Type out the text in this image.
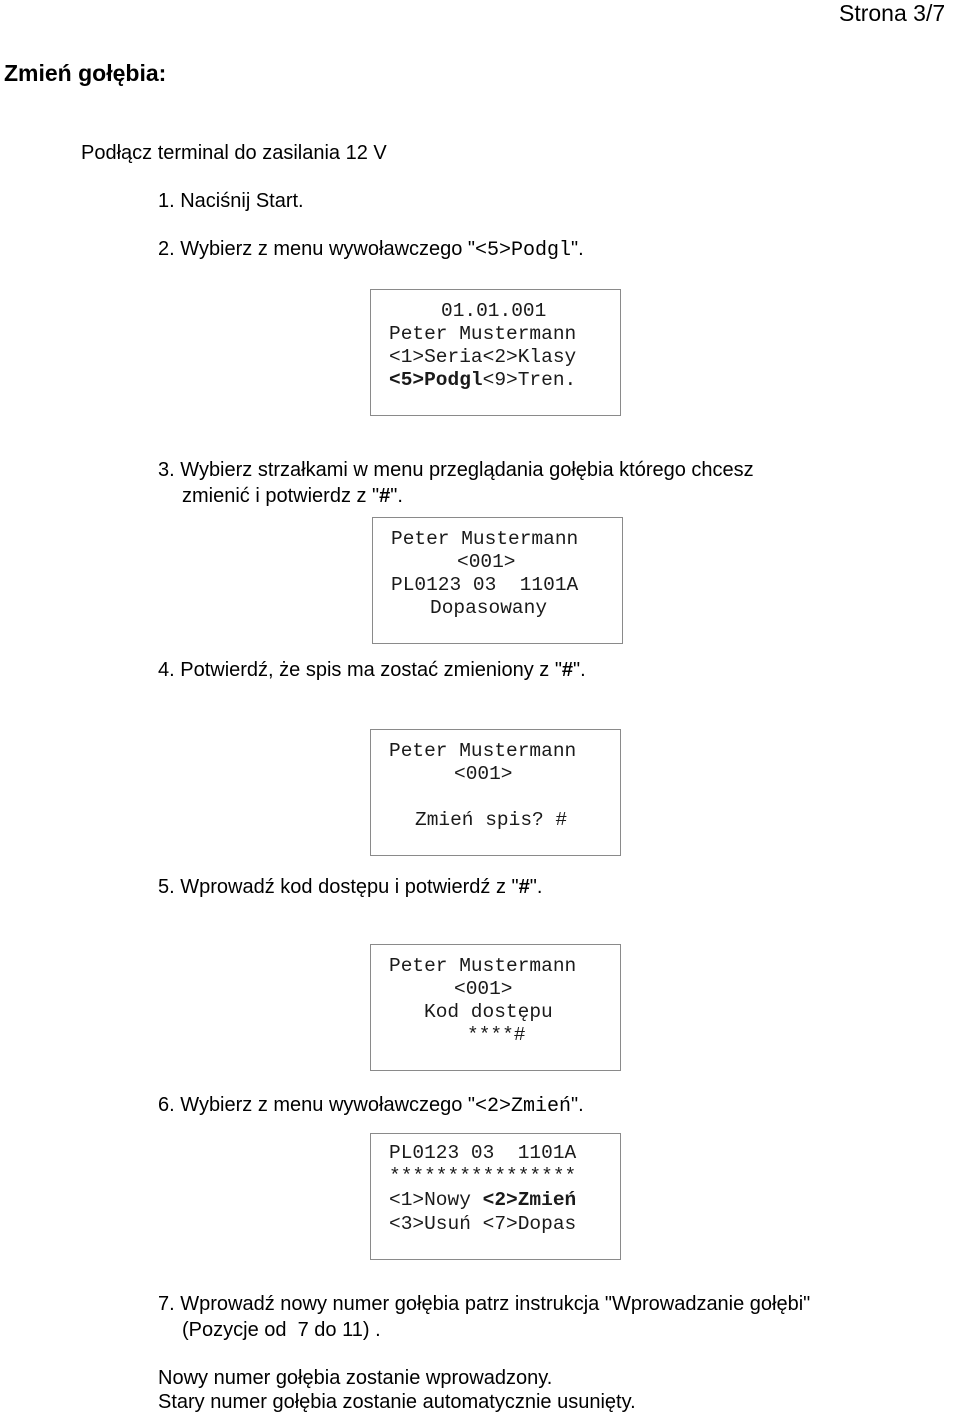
Strona 3/7
Zmień gołębia:
Podłącz terminal do zasilania 12 V
1. Naciśnij Start.
2. Wybierz z menu wywoławczego "<5>Podgl".
01.01.001
Peter Mustermann
<1>Seria<2>Klasy
<5>Podgl<9>Tren.
3. Wybierz strzałkami w menu przeglądania gołębia którego chcesz
zmienić i potwierdz z "#".
Peter Mustermann
<001>
PL0123 03  1101A
Dopasowany
4. Potwierdź, że spis ma zostać zmieniony z "#".
Peter Mustermann
<001>
Zmień spis? #
5. Wprowadź kod dostępu i potwierdź z "#".
Peter Mustermann
<001>
Kod dostępu
****#
6. Wybierz z menu wywoławczego "<2>Zmień".
PL0123 03  1101A
****************
<1>Nowy <2>Zmień
<3>Usuń <7>Dopas
7. Wprowadź nowy numer gołębia patrz instrukcja "Wprowadzanie gołębi"
(Pozycje od  7 do 11) .
Nowy numer gołębia zostanie wprowadzony.
Stary numer gołębia zostanie automatycznie usunięty.
